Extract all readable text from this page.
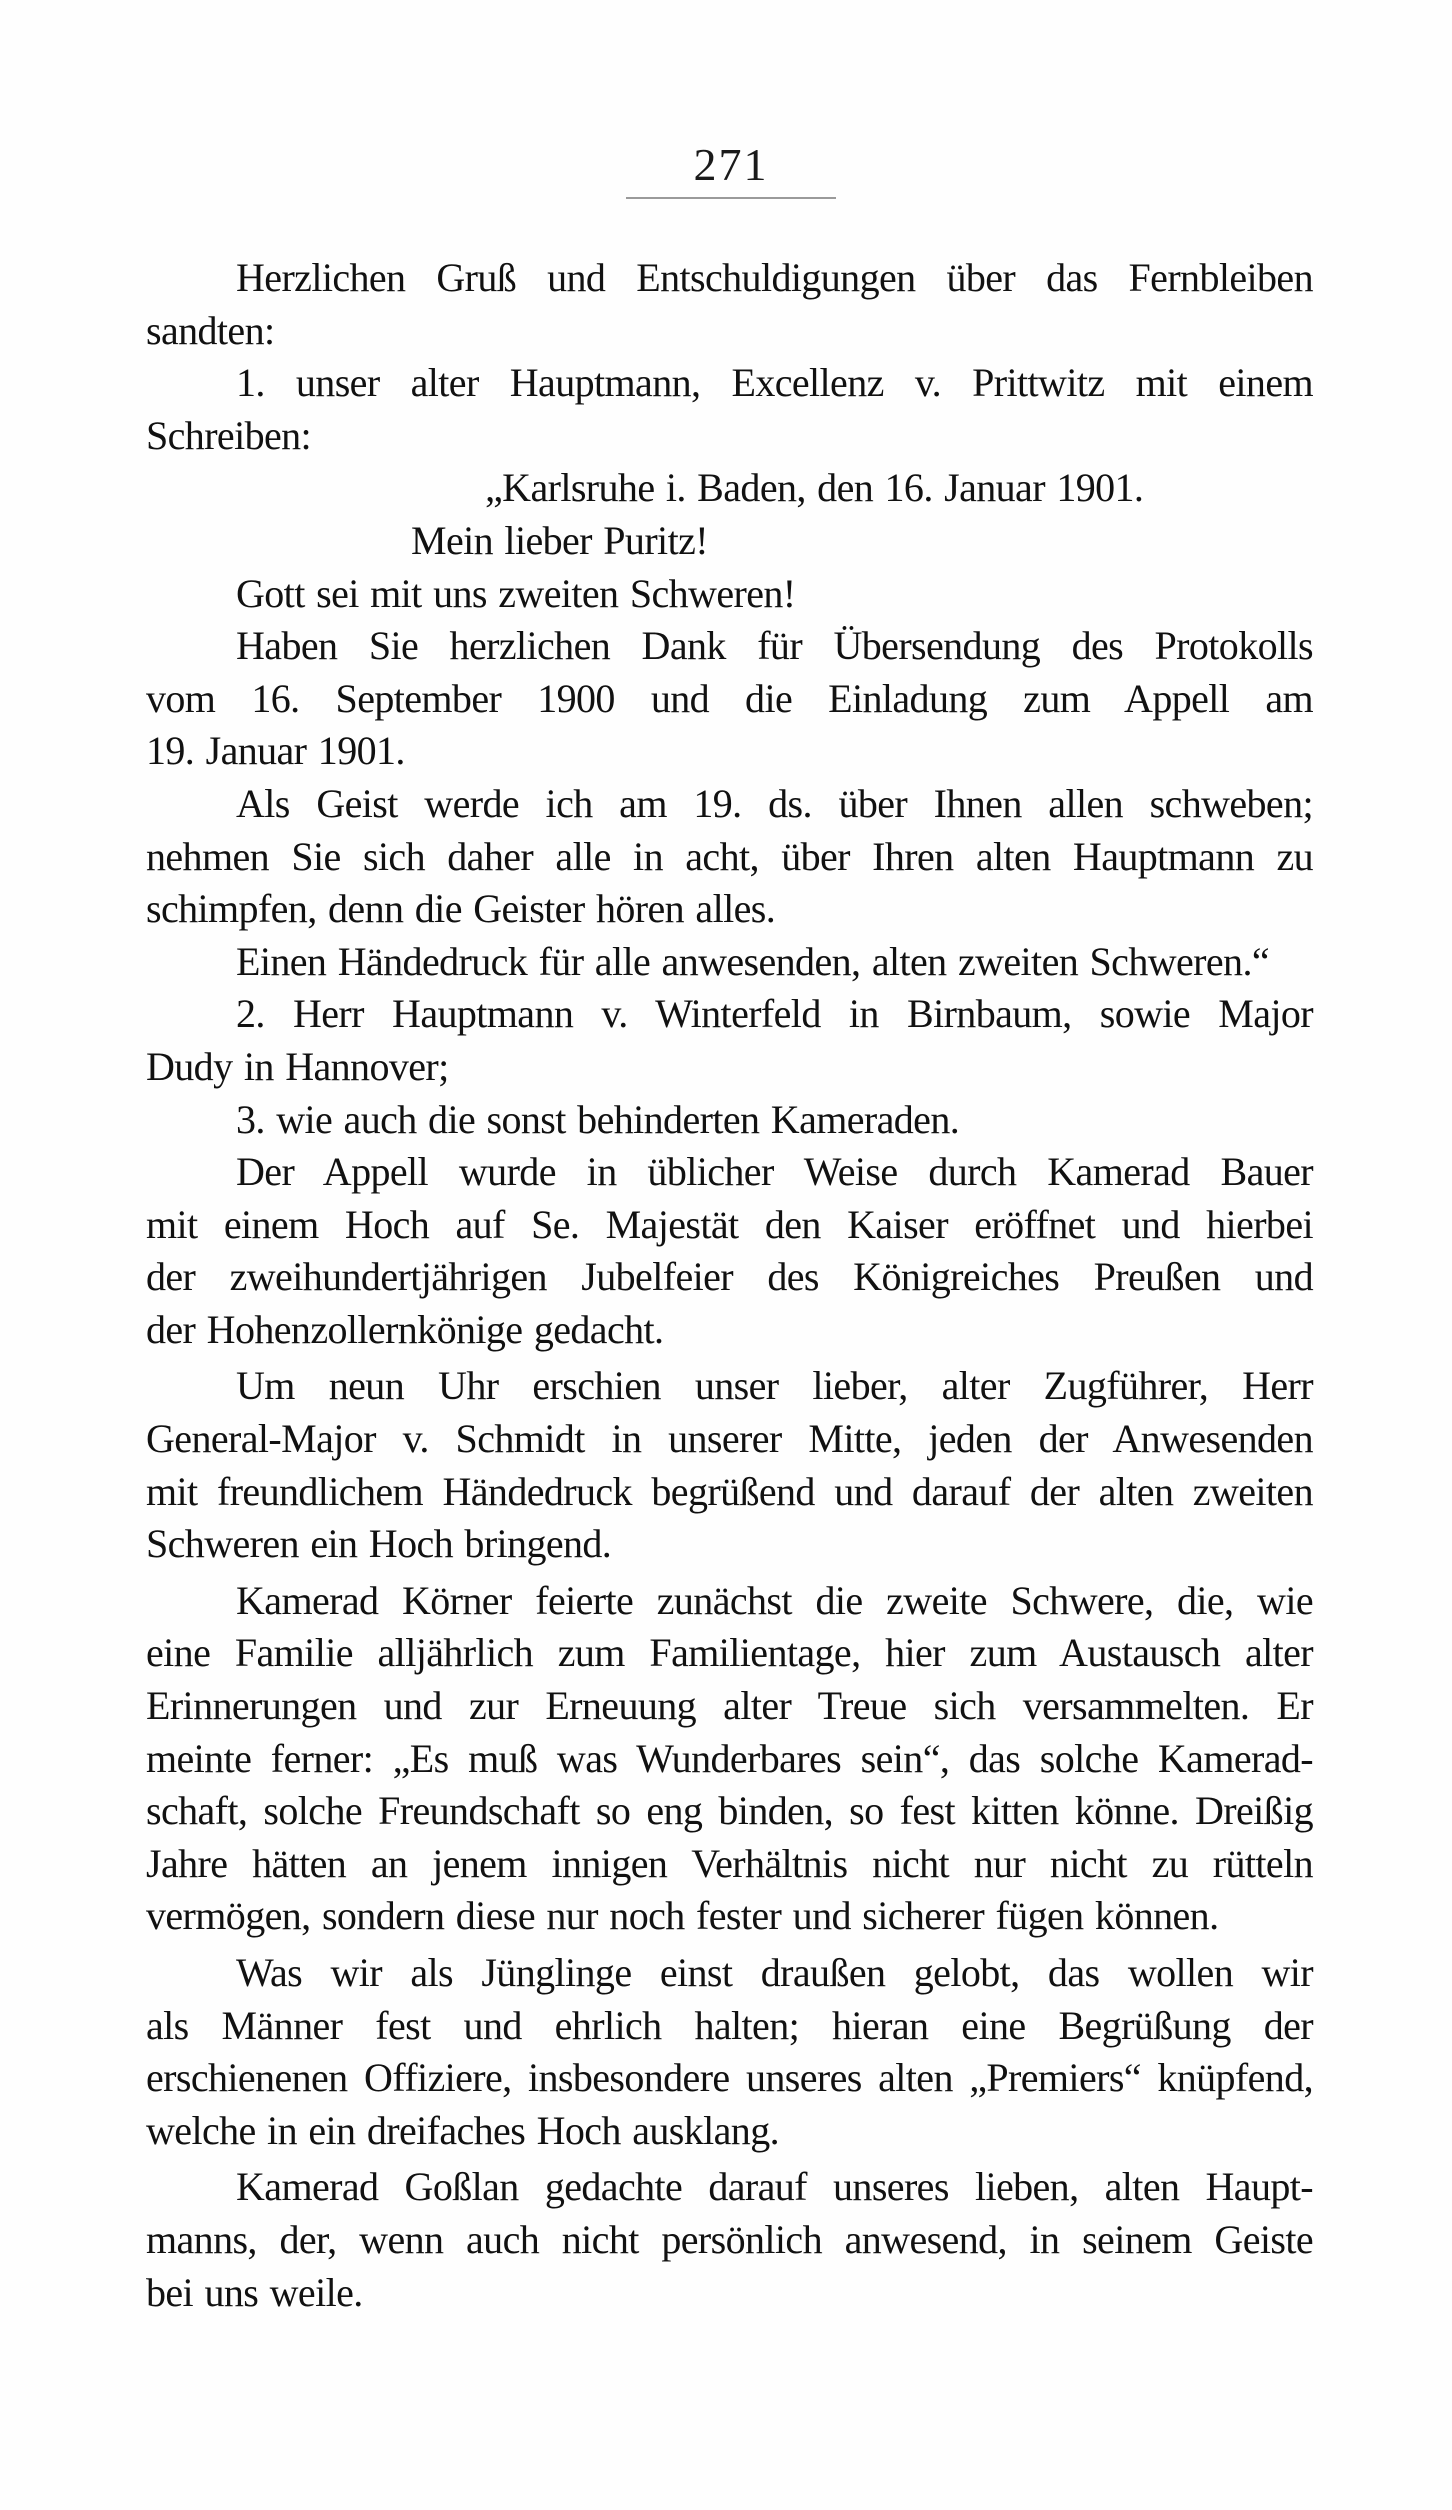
271
Herzlichen Gruß und Entschuldigungen über das Fernbleiben
sandten:
1. unser alter Hauptmann, Excellenz v. Prittwitz mit einem
Schreiben:
„Karlsruhe i. Baden, den 16. Januar 1901.
Mein lieber Puritz!
Gott sei mit uns zweiten Schweren!
Haben Sie herzlichen Dank für Übersendung des Protokolls
vom 16. September 1900 und die Einladung zum Appell am
19. Januar 1901.
Als Geist werde ich am 19. ds. über Ihnen allen schweben;
nehmen Sie sich daher alle in acht, über Ihren alten Hauptmann zu
schimpfen, denn die Geister hören alles.
Einen Händedruck für alle anwesenden, alten zweiten Schweren.“
2. Herr Hauptmann v. Winterfeld in Birnbaum, sowie Major
Dudy in Hannover;
3. wie auch die sonst behinderten Kameraden.
Der Appell wurde in üblicher Weise durch Kamerad Bauer
mit einem Hoch auf Se. Majestät den Kaiser eröffnet und hierbei
der zweihundertjährigen Jubelfeier des Königreiches Preußen und
der Hohenzollernkönige gedacht.
Um neun Uhr erschien unser lieber, alter Zugführer, Herr
General-Major v. Schmidt in unserer Mitte, jeden der Anwesenden
mit freundlichem Händedruck begrüßend und darauf der alten zweiten
Schweren ein Hoch bringend.
Kamerad Körner feierte zunächst die zweite Schwere, die, wie
eine Familie alljährlich zum Familientage, hier zum Austausch alter
Erinnerungen und zur Erneuung alter Treue sich versammelten. Er
meinte ferner: „Es muß was Wunderbares sein“, das solche Kamerad-
schaft, solche Freundschaft so eng binden, so fest kitten könne. Dreißig
Jahre hätten an jenem innigen Verhältnis nicht nur nicht zu rütteln
vermögen, sondern diese nur noch fester und sicherer fügen können.
Was wir als Jünglinge einst draußen gelobt, das wollen wir
als Männer fest und ehrlich halten; hieran eine Begrüßung der
erschienenen Offiziere, insbesondere unseres alten „Premiers“ knüpfend,
welche in ein dreifaches Hoch ausklang.
Kamerad Goßlan gedachte darauf unseres lieben, alten Haupt-
manns, der, wenn auch nicht persönlich anwesend, in seinem Geiste
bei uns weile.
